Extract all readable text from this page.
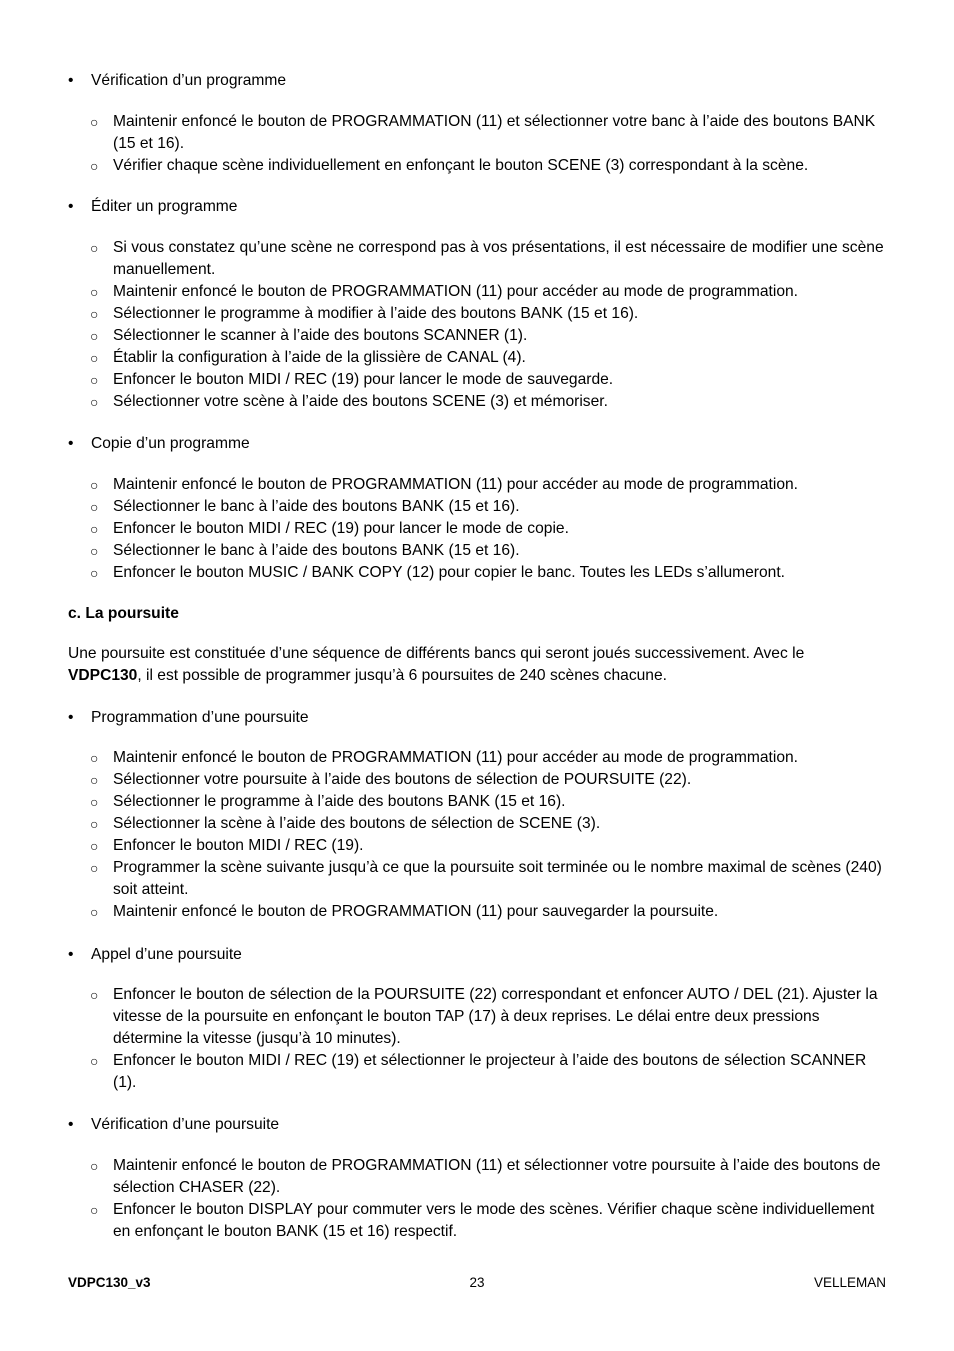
•	Vérification d’un programme
○ Maintenir enfoncé le bouton de PROGRAMMATION (11) et sélectionner votre banc à l’aide des boutons BANK (15 et 16).
○ Vérifier chaque scène individuellement en enfonçant le bouton SCENE (3) correspondant à la scène.
•	Éditer un programme
○ Si vous constatez qu’une scène ne correspond pas à vos présentations, il est nécessaire de modifier une scène manuellement.
○ Maintenir enfoncé le bouton de PROGRAMMATION (11) pour accéder au mode de programmation.
○ Sélectionner le programme à modifier à l’aide des boutons BANK (15 et 16).
○ Sélectionner le scanner à l’aide des boutons SCANNER (1).
○ Établir la configuration à l’aide de la glissière de CANAL (4).
○ Enfoncer le bouton MIDI / REC (19) pour lancer le mode de sauvegarde.
○ Sélectionner votre scène à l’aide des boutons SCENE (3) et mémoriser.
•	Copie d’un programme
○ Maintenir enfoncé le bouton de PROGRAMMATION (11) pour accéder au mode de programmation.
○ Sélectionner le banc à l’aide des boutons BANK (15 et 16).
○ Enfoncer le bouton MIDI / REC (19) pour lancer le mode de copie.
○ Sélectionner le banc à l’aide des boutons BANK (15 et 16).
○ Enfoncer le bouton MUSIC / BANK COPY (12) pour copier le banc. Toutes les LEDs s’allumeront.
c. La poursuite
Une poursuite est constituée d’une séquence de différents bancs qui seront joués successivement. Avec le VDPC130, il est possible de programmer jusqu’à 6 poursuites de 240 scènes chacune.
•	Programmation d’une poursuite
○ Maintenir enfoncé le bouton de PROGRAMMATION (11) pour accéder au mode de programmation.
○ Sélectionner votre poursuite à l’aide des boutons de sélection de POURSUITE (22).
○ Sélectionner le programme à l’aide des boutons BANK (15 et 16).
○ Sélectionner la scène à l’aide des boutons de sélection de SCENE (3).
○ Enfoncer le bouton MIDI / REC (19).
○ Programmer la scène suivante jusqu’à ce que la poursuite soit terminée ou le nombre maximal de scènes (240) soit atteint.
○ Maintenir enfoncé le bouton de PROGRAMMATION (11) pour sauvegarder la poursuite.
•	Appel d’une poursuite
○ Enfoncer le bouton de sélection de la POURSUITE (22) correspondant et enfoncer AUTO / DEL (21). Ajuster la vitesse de la poursuite en enfonçant le bouton TAP (17) à deux reprises. Le délai entre deux pressions détermine la vitesse (jusqu’à 10 minutes).
○ Enfoncer le bouton MIDI / REC (19) et sélectionner le projecteur à l’aide des boutons de sélection SCANNER (1).
•	Vérification d’une poursuite
○ Maintenir enfoncé le bouton de PROGRAMMATION (11) et sélectionner votre poursuite à l’aide des boutons de sélection CHASER (22).
○ Enfoncer le bouton DISPLAY pour commuter vers le mode des scènes. Vérifier chaque scène individuellement en enfonçant le bouton BANK (15 et 16) respectif.
VDPC130_v3	23	VELLEMAN
